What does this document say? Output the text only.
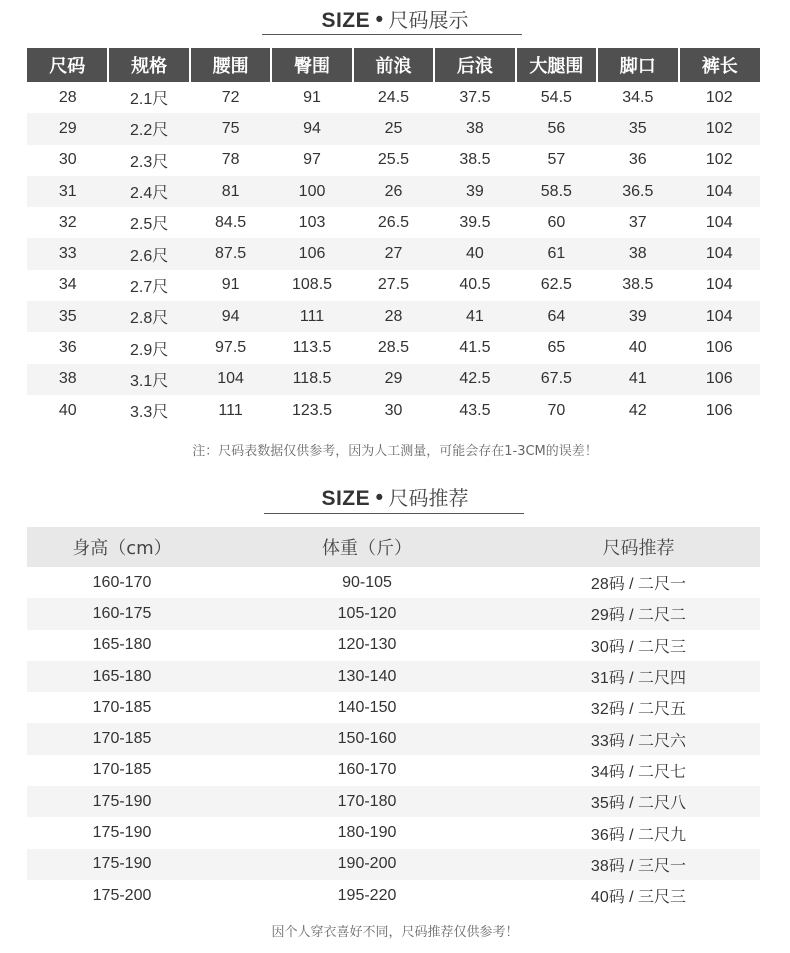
SIZE • 尺码展示
尺码	规格	腰围	臀围	前浪	后浪	大腿围	脚口	裤长
28	2.1尺	72	91	24.5	37.5	54.5	34.5	102
29	2.2尺	75	94	25	38	56	35	102
30	2.3尺	78	97	25.5	38.5	57	36	102
31	2.4尺	81	100	26	39	58.5	36.5	104
32	2.5尺	84.5	103	26.5	39.5	60	37	104
33	2.6尺	87.5	106	27	40	61	38	104
34	2.7尺	91	108.5	27.5	40.5	62.5	38.5	104
35	2.8尺	94	111	28	41	64	39	104
36	2.9尺	97.5	113.5	28.5	41.5	65	40	106
38	3.1尺	104	118.5	29	42.5	67.5	41	106
40	3.3尺	111	123.5	30	43.5	70	42	106
注：尺码表数据仅供参考，因为人工测量，可能会存在1-3CM的误差！
SIZE • 尺码推荐
身高（cm）	体重（斤）	尺码推荐
160-170	90-105	28码 / 二尺一
160-175	105-120	29码 / 二尺二
165-180	120-130	30码 / 二尺三
165-180	130-140	31码 / 二尺四
170-185	140-150	32码 / 二尺五
170-185	150-160	33码 / 二尺六
170-185	160-170	34码 / 二尺七
175-190	170-180	35码 / 二尺八
175-190	180-190	36码 / 二尺九
175-190	190-200	38码 / 三尺一
175-200	195-220	40码 / 三尺三
因个人穿衣喜好不同，尺码推荐仅供参考！
